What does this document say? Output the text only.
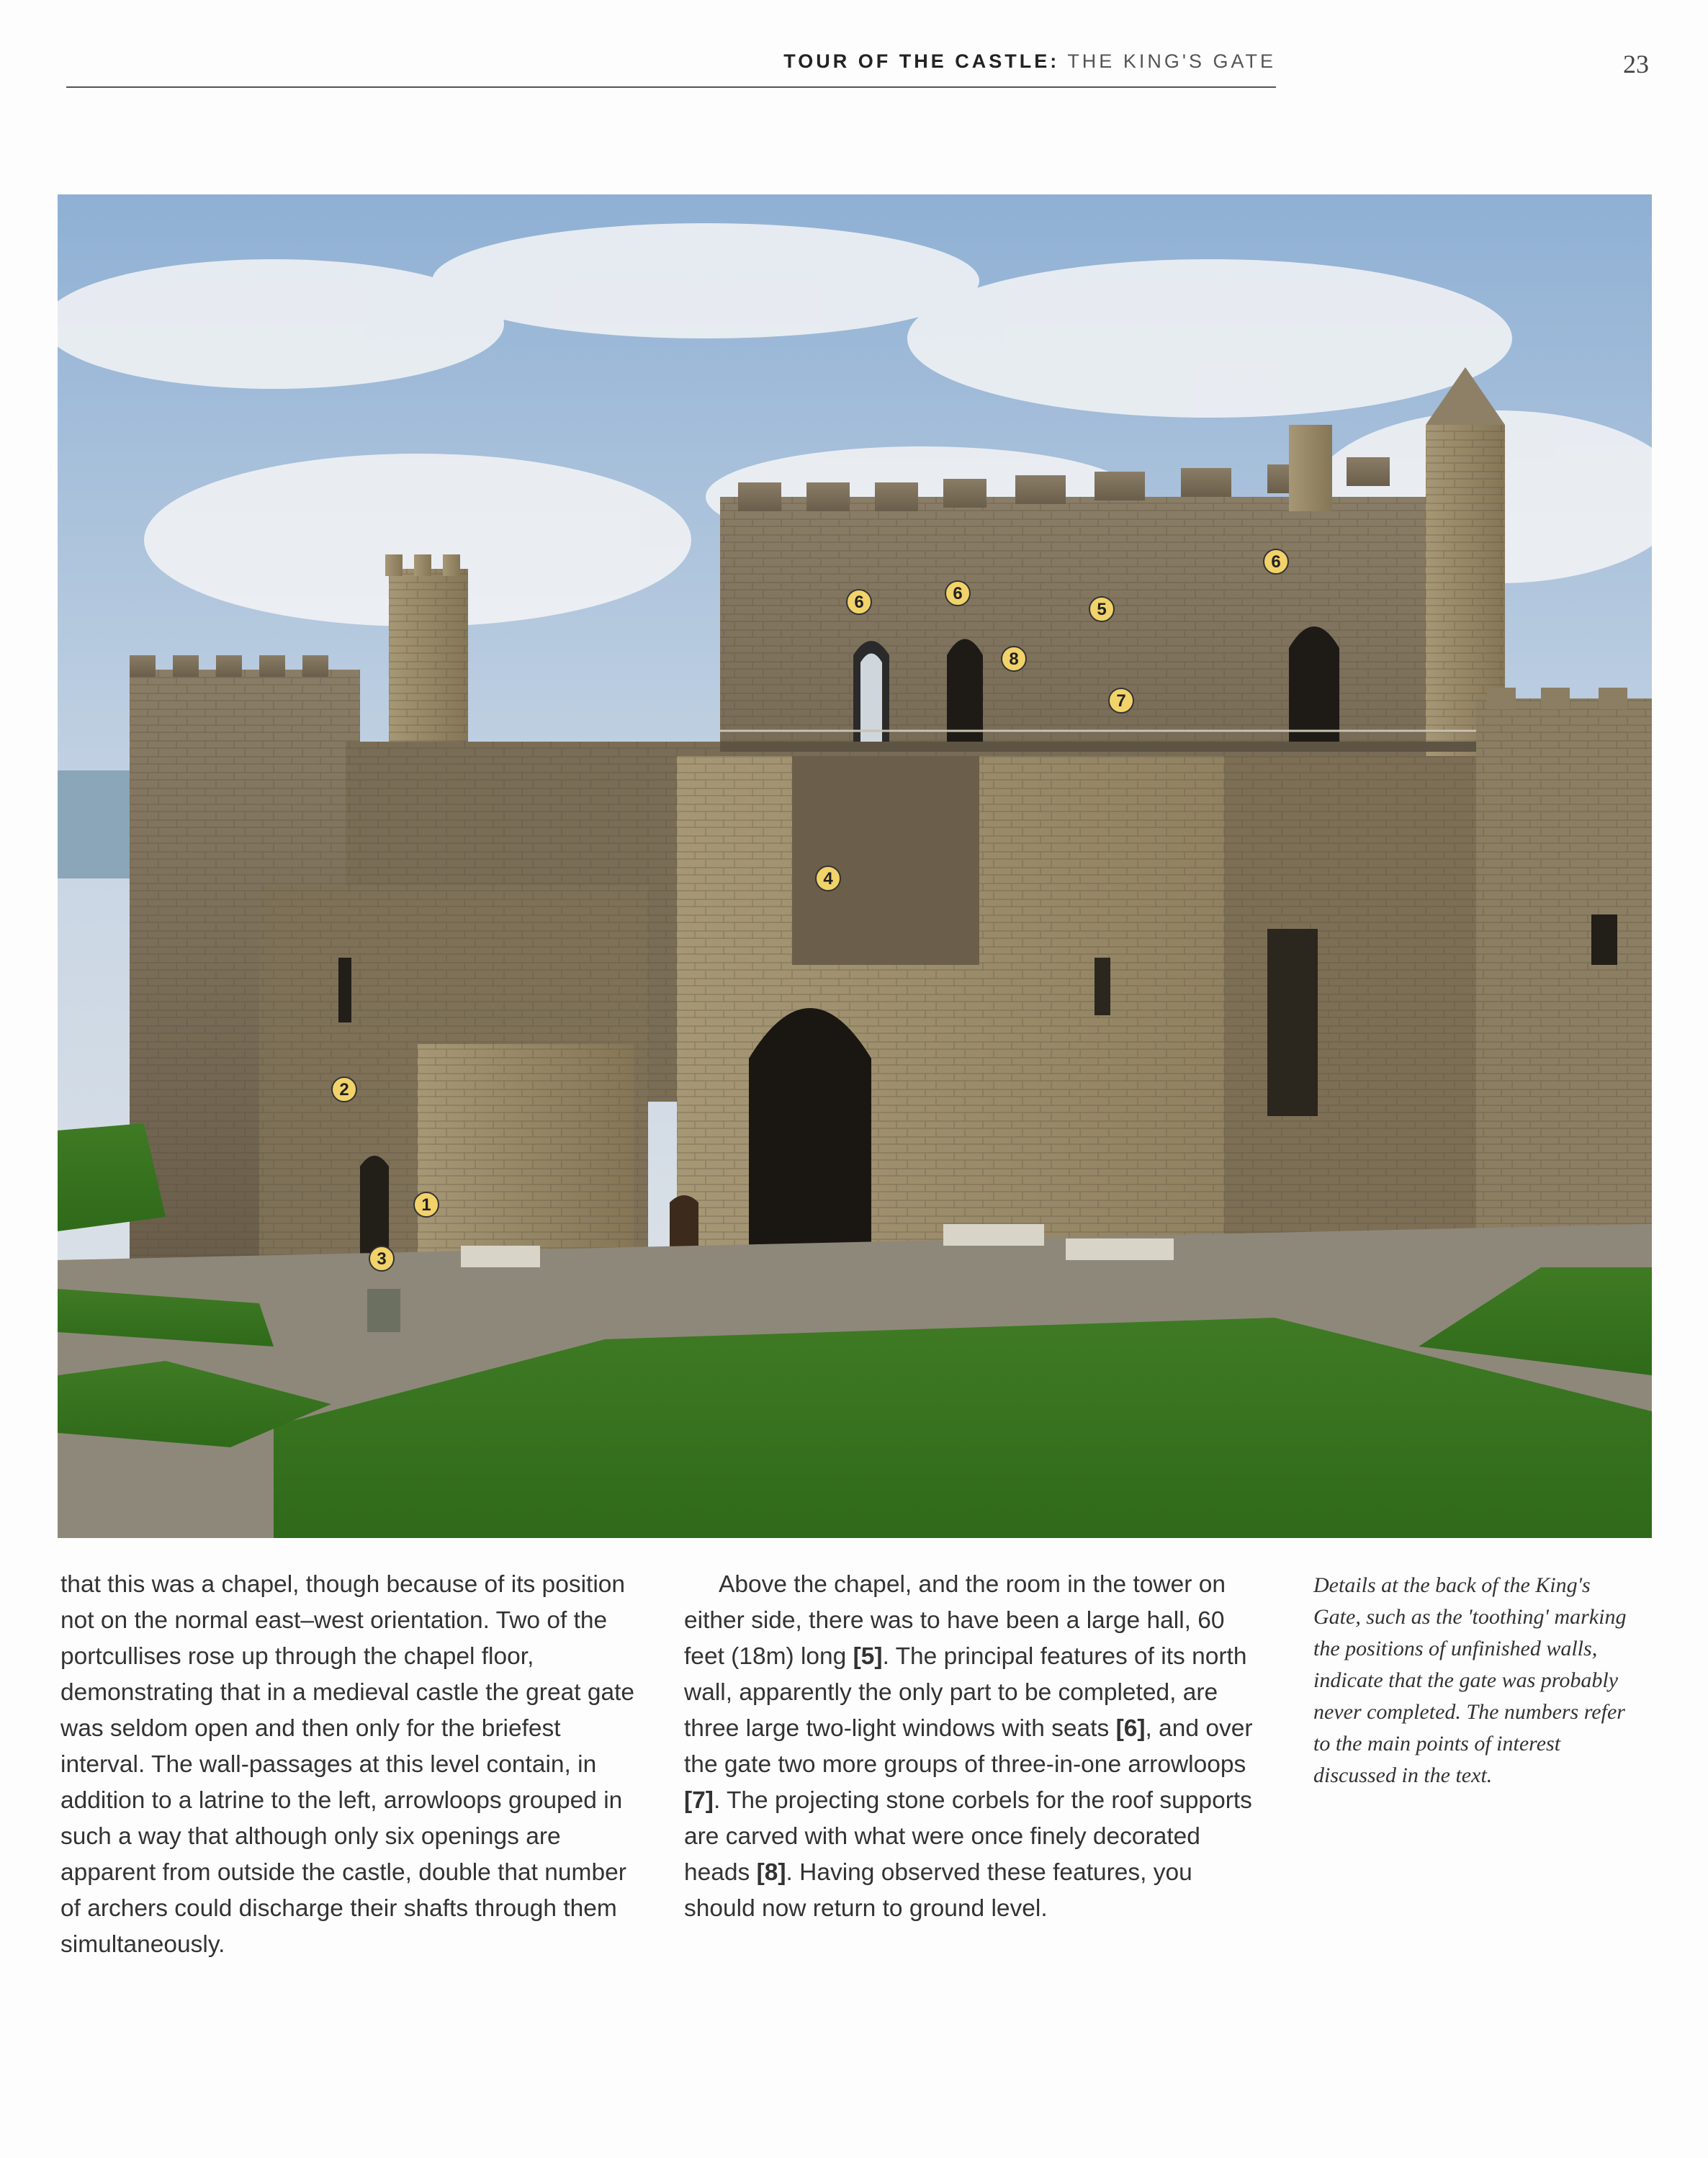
TOUR OF THE CASTLE: THE KING'S GATE	23
1
2
3
4
5
6	6
6
7
8

that this was a chapel, though because of its position not on the normal east–west orientation. Two of the portcullises rose up through the chapel floor, demonstrating that in a medieval castle the great gate was seldom open and then only for the briefest interval. The wall-passages at this level contain, in addition to a latrine to the left, arrowloops grouped in such a way that although only six openings are apparent from outside the castle, double that number of archers could discharge their shafts through them simultaneously.

Above the chapel, and the room in the tower on either side, there was to have been a large hall, 60 feet (18m) long [5]. The principal features of its north wall, apparently the only part to be completed, are three large two-light windows with seats [6], and over the gate two more groups of three-in-one arrowloops [7]. The projecting stone corbels for the roof supports are carved with what were once finely decorated heads [8]. Having observed these features, you should now return to ground level.

Details at the back of the King's Gate, such as the 'toothing' marking the positions of unfinished walls, indicate that the gate was probably never completed. The numbers refer to the main points of interest discussed in the text.
